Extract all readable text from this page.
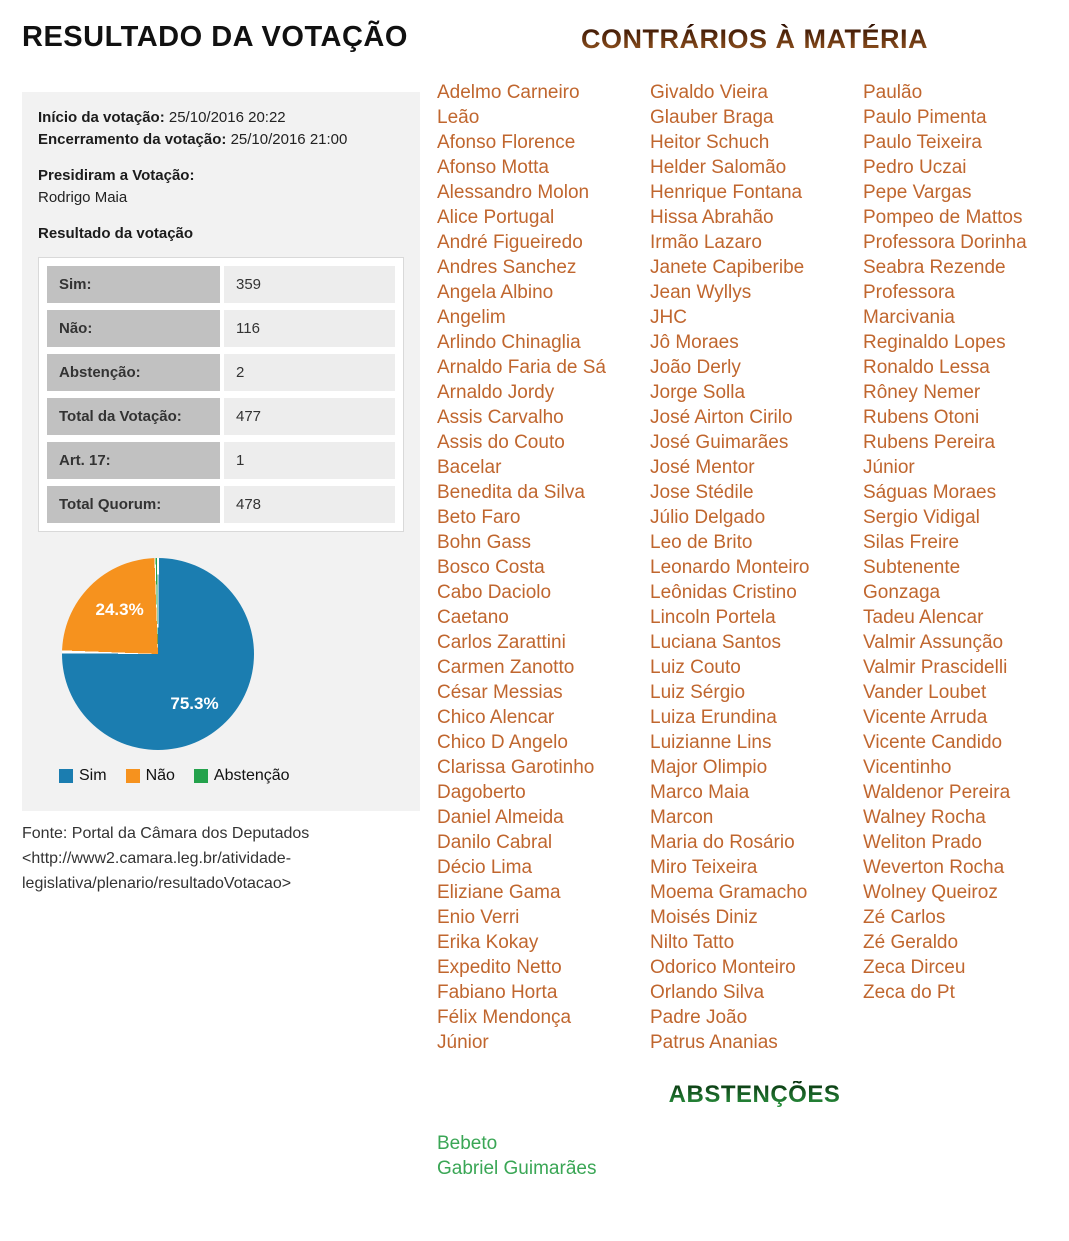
RESULTADO DA VOTAÇÃO

Início da votação: 25/10/2016 20:22

Encerramento da votação: 25/10/2016 21:00

Presidiram a Votação:

Rodrigo Maia

Resultado da votação

Sim:	359
Não:	116
Abstenção:	2
Total da Votação:	477
Art. 17:	1
Total Quorum:	478
24.3%
75.3%
Sim Não Abstenção

Fonte: Portal da Câmara dos Deputados <http://www2.camara.leg.br/atividade-legislativa/plenario/resultadoVotacao>

CONTRÁRIOS À MATÉRIA
Adelmo Carneiro
Leão
Afonso Florence
Afonso Motta
Alessandro Molon
Alice Portugal
André Figueiredo
Andres Sanchez
Angela Albino
Angelim
Arlindo Chinaglia
Arnaldo Faria de Sá
Arnaldo Jordy
Assis Carvalho
Assis do Couto
Bacelar
Benedita da Silva
Beto Faro
Bohn Gass
Bosco Costa
Cabo Daciolo
Caetano
Carlos Zarattini
Carmen Zanotto
César Messias
Chico Alencar
Chico D Angelo
Clarissa Garotinho
Dagoberto
Daniel Almeida
Danilo Cabral
Décio Lima
Eliziane Gama
Enio Verri
Erika Kokay
Expedito Netto
Fabiano Horta
Félix Mendonça
Júnior
Givaldo Vieira
Glauber Braga
Heitor Schuch
Helder Salomão
Henrique Fontana
Hissa Abrahão
Irmão Lazaro
Janete Capiberibe
Jean Wyllys
JHC
Jô Moraes
João Derly
Jorge Solla
José Airton Cirilo
José Guimarães
José Mentor
Jose Stédile
Júlio Delgado
Leo de Brito
Leonardo Monteiro
Leônidas Cristino
Lincoln Portela
Luciana Santos
Luiz Couto
Luiz Sérgio
Luiza Erundina
Luizianne Lins
Major Olimpio
Marco Maia
Marcon
Maria do Rosário
Miro Teixeira
Moema Gramacho
Moisés Diniz
Nilto Tatto
Odorico Monteiro
Orlando Silva
Padre João
Patrus Ananias
Paulão
Paulo Pimenta
Paulo Teixeira
Pedro Uczai
Pepe Vargas
Pompeo de Mattos
Professora Dorinha
Seabra Rezende
Professora
Marcivania
Reginaldo Lopes
Ronaldo Lessa
Rôney Nemer
Rubens Otoni
Rubens Pereira
Júnior
Ságuas Moraes
Sergio Vidigal
Silas Freire
Subtenente
Gonzaga
Tadeu Alencar
Valmir Assunção
Valmir Prascidelli
Vander Loubet
Vicente Arruda
Vicente Candido
Vicentinho
Waldenor Pereira
Walney Rocha
Weliton Prado
Weverton Rocha
Wolney Queiroz
Zé Carlos
Zé Geraldo
Zeca Dirceu
Zeca do Pt
ABSTENÇÕES
Bebeto
Gabriel Guimarães
